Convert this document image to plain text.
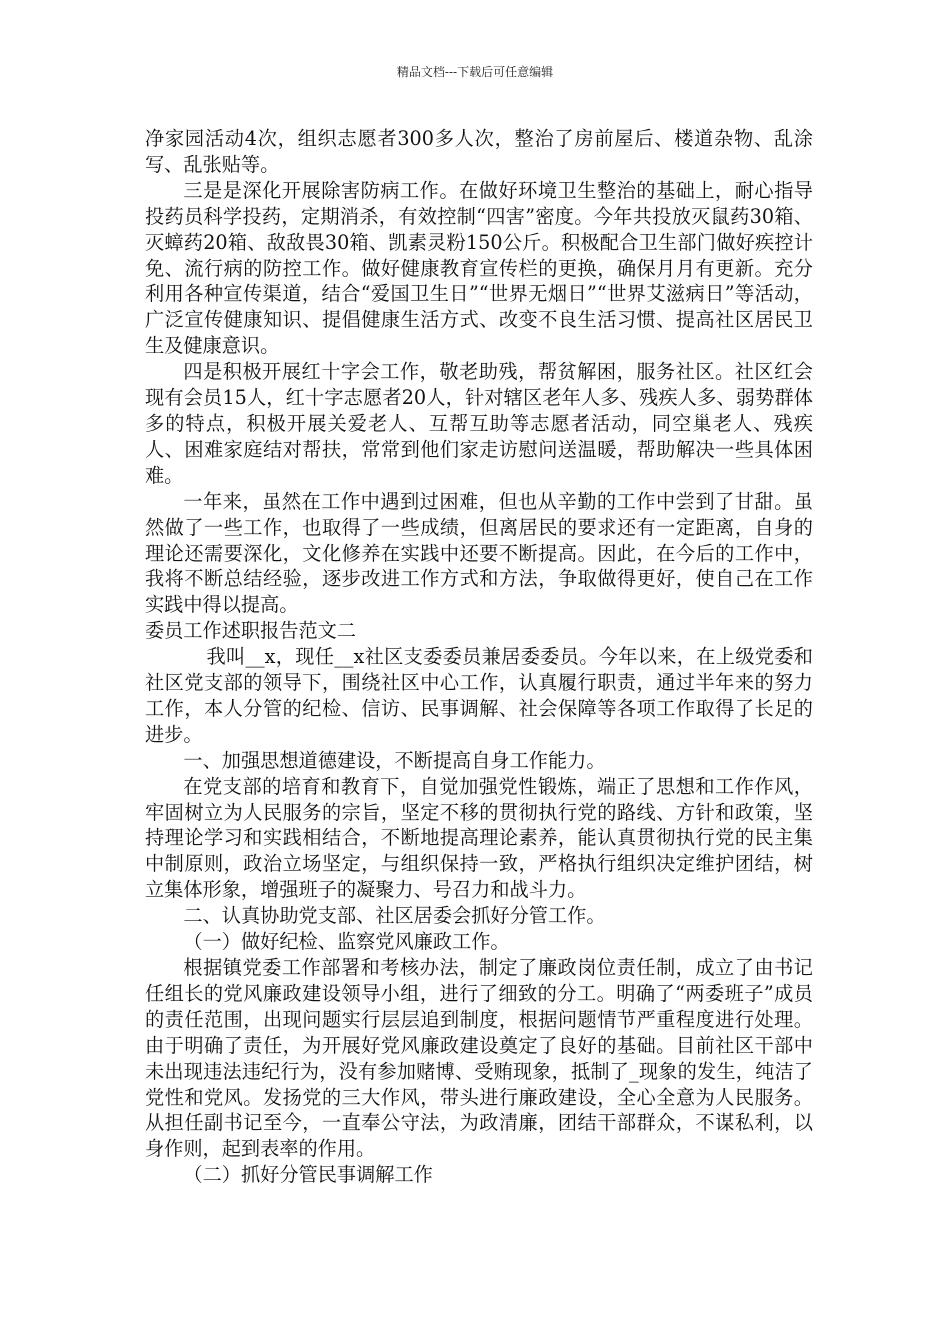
精品文档---下载后可任意编辑

净家园活动4次，组织志愿者300多人次，整治了房前屋后、楼道杂物、乱涂写、乱张贴等。

三是是深化开展除害防病工作。在做好环境卫生整治的基础上，耐心指导投药员科学投药，定期消杀，有效控制“四害”密度。今年共投放灭鼠药30箱、灭蟑药20箱、敌敌畏30箱、凯素灵粉150公斤。积极配合卫生部门做好疾控计免、流行病的防控工作。做好健康教育宣传栏的更换，确保月月有更新。充分利用各种宣传渠道，结合“爱国卫生日”“世界无烟日”“世界艾滋病日”等活动，广泛宣传健康知识、提倡健康生活方式、改变不良生活习惯、提高社区居民卫生及健康意识。

四是积极开展红十字会工作，敬老助残，帮贫解困，服务社区。社区红会现有会员15人，红十字志愿者20人，针对辖区老年人多、残疾人多、弱势群体多的特点，积极开展关爱老人、互帮互助等志愿者活动，同空巢老人、残疾人、困难家庭结对帮扶，常常到他们家走访慰问送温暖，帮助解决一些具体困难。

一年来，虽然在工作中遇到过困难，但也从辛勤的工作中尝到了甘甜。虽然做了一些工作，也取得了一些成绩，但离居民的要求还有一定距离，自身的理论还需要深化，文化修养在实践中还要不断提高。因此，在今后的工作中，我将不断总结经验，逐步改进工作方式和方法，争取做得更好，使自己在工作实践中得以提高。

委员工作述职报告范文二

我叫__x，现任__x社区支委委员兼居委委员。今年以来，在上级党委和社区党支部的领导下，围绕社区中心工作，认真履行职责，通过半年来的努力工作，本人分管的纪检、信访、民事调解、社会保障等各项工作取得了长足的进步。

一、加强思想道德建设，不断提高自身工作能力。

在党支部的培育和教育下，自觉加强党性锻炼，端正了思想和工作作风，牢固树立为人民服务的宗旨，坚定不移的贯彻执行党的路线、方针和政策，坚持理论学习和实践相结合，不断地提高理论素养，能认真贯彻执行党的民主集中制原则，政治立场坚定，与组织保持一致，严格执行组织决定维护团结，树立集体形象，增强班子的凝聚力、号召力和战斗力。

二、认真协助党支部、社区居委会抓好分管工作。

（一）做好纪检、监察党风廉政工作。

根据镇党委工作部署和考核办法，制定了廉政岗位责任制，成立了由书记任组长的党风廉政建设领导小组，进行了细致的分工。明确了“两委班子”成员的责任范围，出现问题实行层层追到制度，根据问题情节严重程度进行处理。由于明确了责任，为开展好党风廉政建设奠定了良好的基础。目前社区干部中未出现违法违纪行为，没有参加赌博、受贿现象，抵制了_现象的发生，纯洁了党性和党风。发扬党的三大作风，带头进行廉政建设，全心全意为人民服务。从担任副书记至今，一直奉公守法，为政清廉，团结干部群众，不谋私利，以身作则，起到表率的作用。

（二）抓好分管民事调解工作
